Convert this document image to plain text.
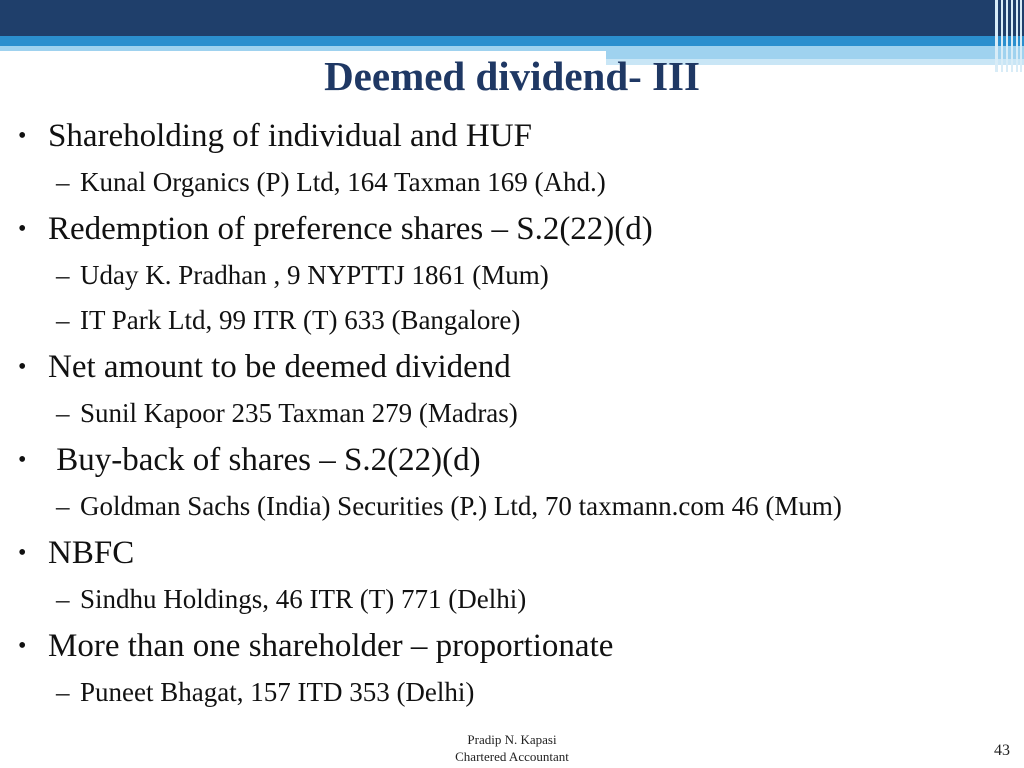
Deemed dividend- III
•
Shareholding of individual and HUF
–
Kunal Organics (P) Ltd, 164 Taxman 169 (Ahd.)
•
Redemption of preference shares – S.2(22)(d)
–
Uday K. Pradhan , 9 NYPTTJ 1861 (Mum)
–
IT Park Ltd, 99 ITR (T) 633 (Bangalore)
•
Net amount to be deemed dividend
–
Sunil Kapoor 235 Taxman 279 (Madras)
•
Buy-back of shares – S.2(22)(d)
–
Goldman Sachs (India) Securities (P.) Ltd, 70 taxmann.com 46 (Mum)
•
NBFC
–
Sindhu Holdings, 46 ITR (T) 771 (Delhi)
•
More than one shareholder – proportionate
–
Puneet Bhagat, 157 ITD 353 (Delhi)
Pradip N. Kapasi
Chartered Accountant	43
